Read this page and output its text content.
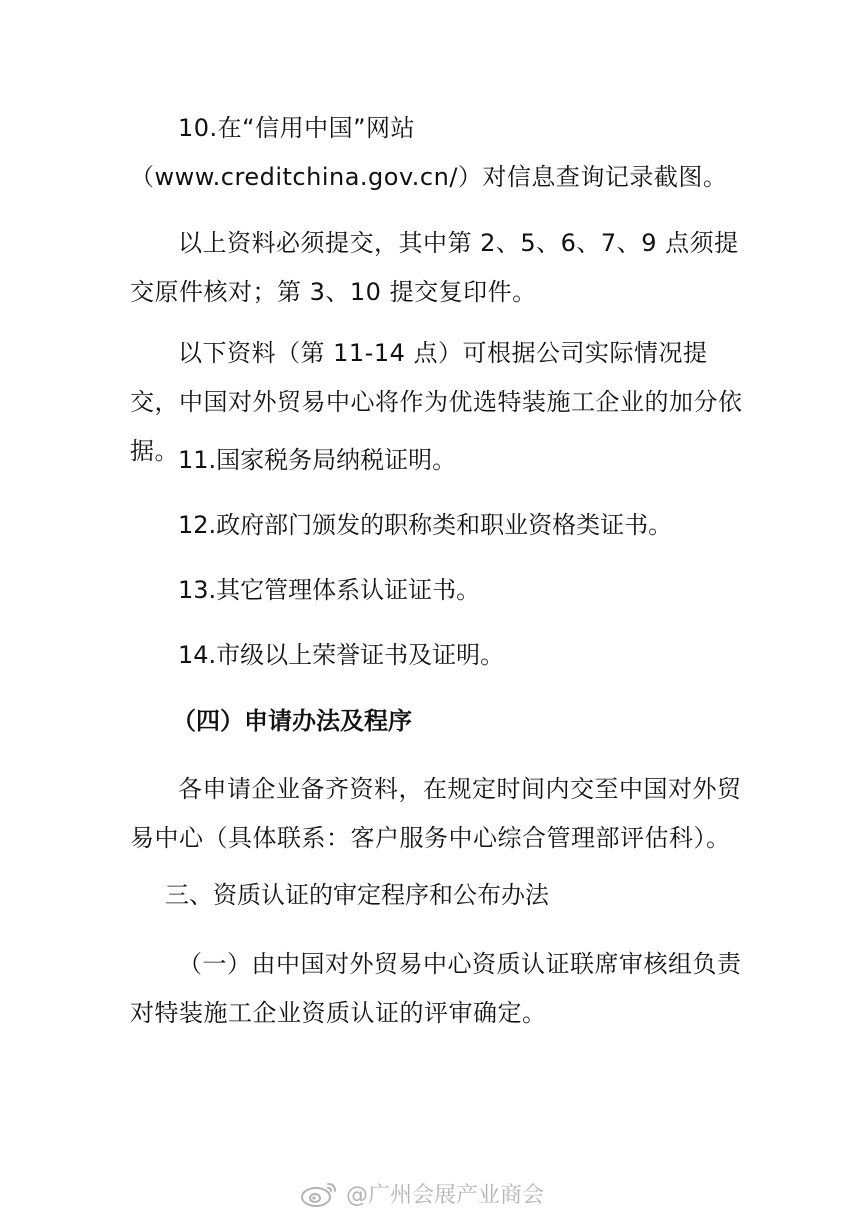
10.在“信用中国”网站（www.creditchina.gov.cn/）对信息查询记录截图。

以上资料必须提交，其中第 2、5、6、7、9 点须提交原件核对；第 3、10 提交复印件。

以下资料（第 11-14 点）可根据公司实际情况提交，中国对外贸易中心将作为优选特装施工企业的加分依据。 11.国家税务局纳税证明。

12.政府部门颁发的职称类和职业资格类证书。

13.其它管理体系认证证书。

14.市级以上荣誉证书及证明。

（四）申请办法及程序

各申请企业备齐资料，在规定时间内交至中国对外贸易中心（具体联系：客户服务中心综合管理部评估科）。

三、资质认证的审定程序和公布办法

（一）由中国对外贸易中心资质认证联席审核组负责对特装施工企业资质认证的评审确定。

@广州会展产业商会
